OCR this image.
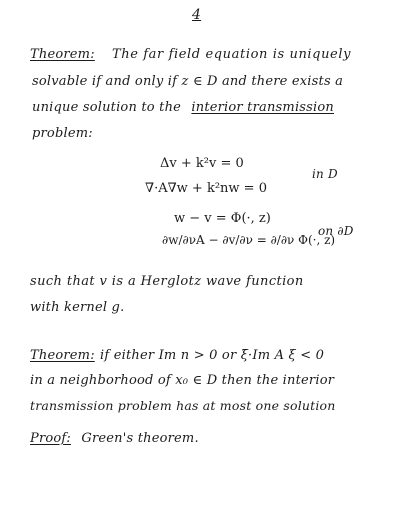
4
Theorem: The far field equation is uniquely
solvable if and only if z ∈ D and there exists a
unique solution to the interior transmission
problem:
Δv + k²v = 0
∇·A∇w + k²nw = 0
in D
w − v = Φ(·, z)
∂w/∂νA − ∂v/∂ν = ∂/∂ν Φ(·, z)
on ∂D
such that v is a Herglotz wave function
with kernel g.
Theorem: if either Im n > 0 or ξ̄·Im A ξ < 0
in a neighborhood of x₀ ∈ D then the interior
transmission problem has at most one solution
Proof: Green's theorem.
